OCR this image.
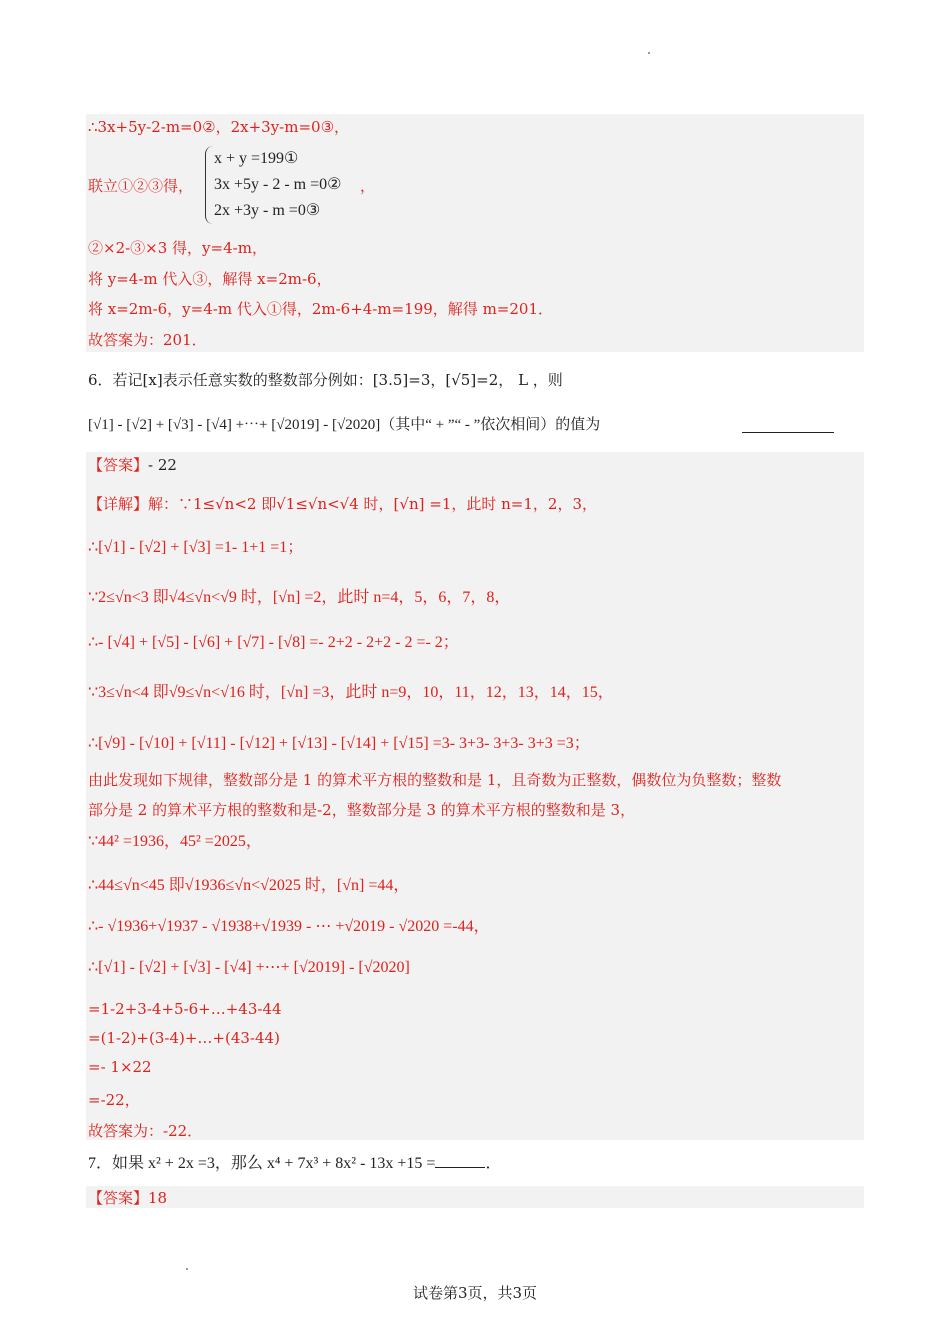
∴3x+5y-2-m=0②，2x+3y-m=0③，
联立①②③得，
x + y =199①
3x +5y - 2 - m =0②
2x +3y - m =0③
，
②×2-③×3 得，y=4-m，
将 y=4-m 代入③，解得 x=2m-6，
将 x=2m-6，y=4-m 代入①得，2m-6+4-m=199，解得 m=201．
故答案为：201．
6．若记[x]表示任意实数的整数部分例如：[3.5]=3，[√5]=2， L ，则
[√1] - [√2] + [√3] - [√4] +⋯+ [√2019] - [√2020]（其中“ + ”“ - ”依次相间）的值为
【答案】- 22
【详解】解：∵1≤√n<2 即√1≤√n<√4 时，[√n] =1，此时 n=1，2，3，
∴[√1] - [√2] + [√3] =1- 1+1 =1；
∵2≤√n<3 即√4≤√n<√9 时，[√n] =2，此时 n=4，5，6，7，8，
∴- [√4] + [√5] - [√6] + [√7] - [√8] =- 2+2 - 2+2 - 2 =- 2；
∵3≤√n<4 即√9≤√n<√16 时，[√n] =3，此时 n=9，10，11，12，13，14，15，
∴[√9] - [√10] + [√11] - [√12] + [√13] - [√14] + [√15] =3- 3+3- 3+3- 3+3 =3；
由此发现如下规律，整数部分是 1 的算术平方根的整数和是 1，且奇数为正整数，偶数位为负整数；整数
部分是 2 的算术平方根的整数和是-2，整数部分是 3 的算术平方根的整数和是 3，
∵44² =1936，45² =2025，
∴44≤√n<45 即√1936≤√n<√2025 时，[√n] =44，
∴- √1936+√1937 - √1938+√1939 - ⋯ +√2019 - √2020 =-44，
∴[√1] - [√2] + [√3] - [√4] +⋯+ [√2019] - [√2020]
=1-2+3-4+5-6+…+43-44
=(1-2)+(3-4)+…+(43-44)
=- 1×22
=-22，
故答案为：-22．
7．如果 x² + 2x =3，那么 x⁴ + 7x³ + 8x² - 13x +15 =	．
【答案】18
试卷第3页，共3页
